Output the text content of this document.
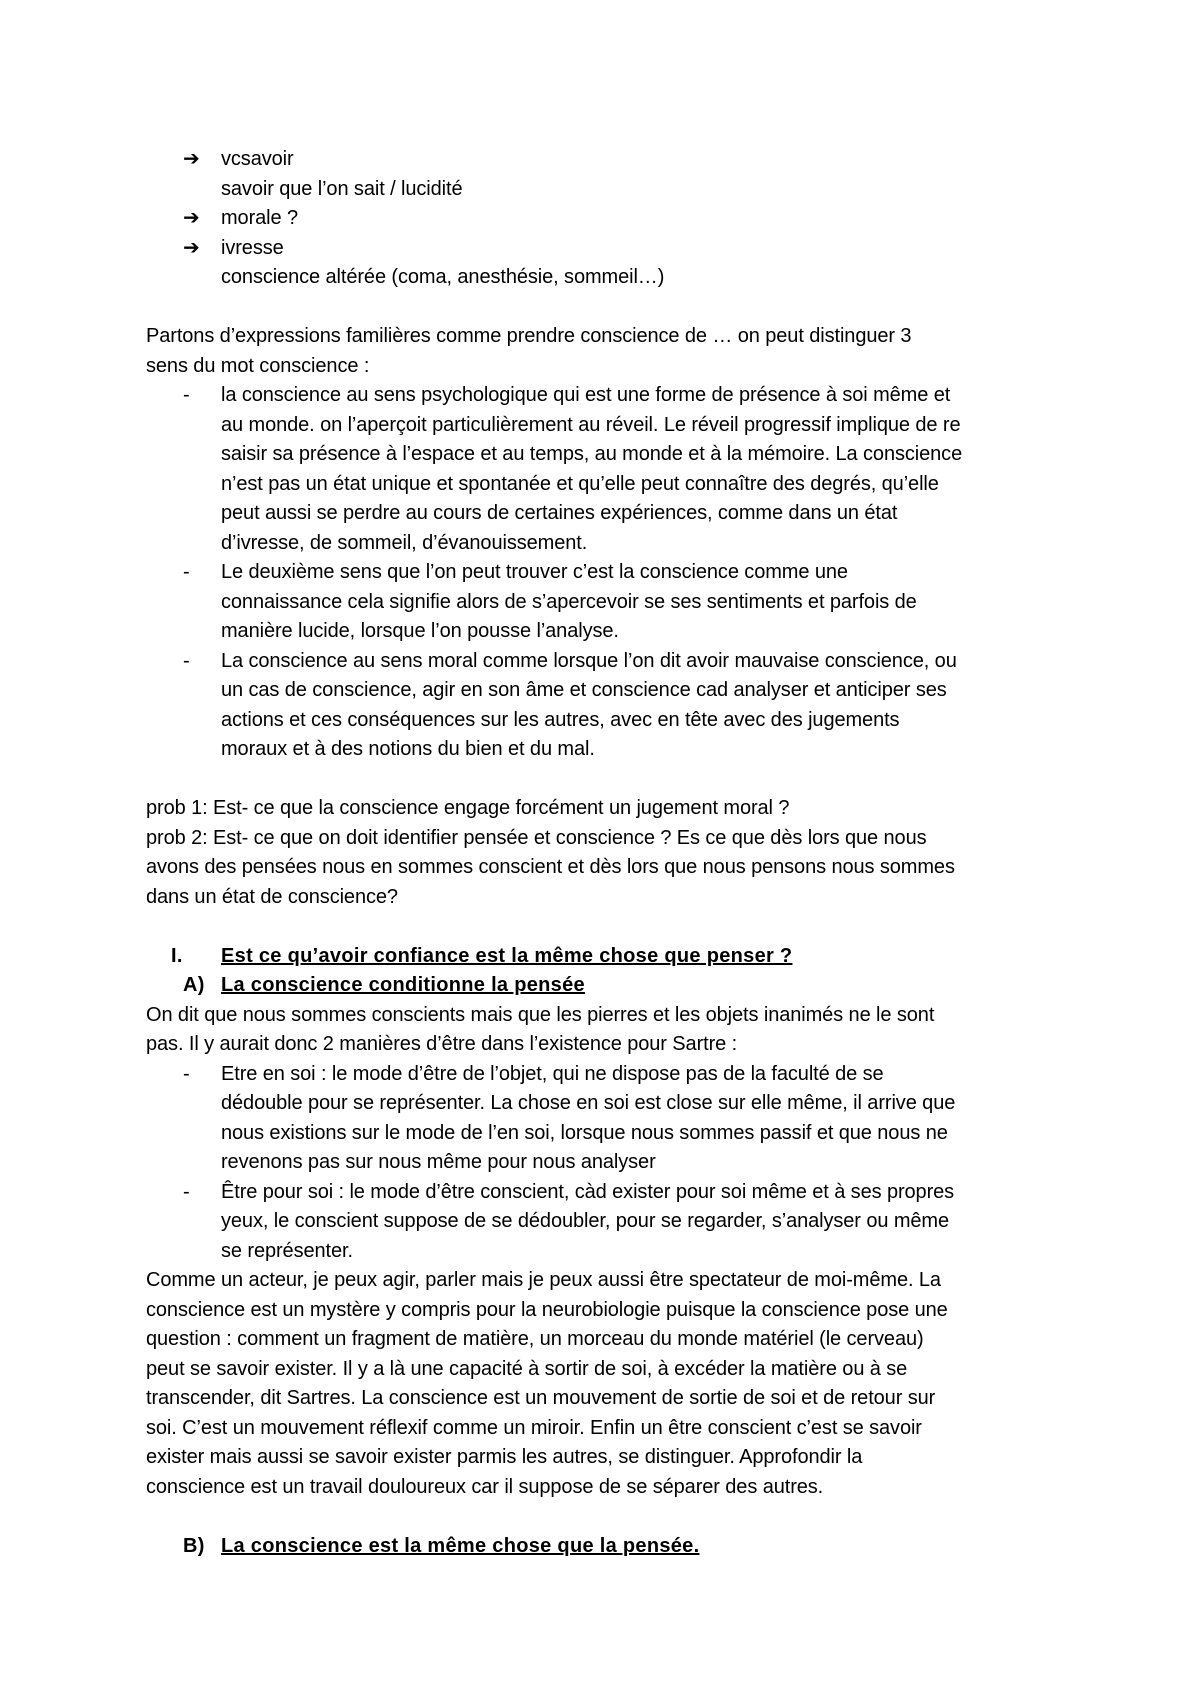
➔	vcsavoir
savoir que l’on sait / lucidité
➔	morale ?
➔	ivresse
conscience altérée (coma, anesthésie, sommeil…)
Partons d’expressions familières comme prendre conscience de … on peut distinguer 3
sens du mot conscience :
-	la conscience au sens psychologique qui est une forme de présence à soi même et
au monde. on l’aperçoit particulièrement au réveil. Le réveil progressif implique de re
saisir sa présence à l’espace et au temps, au monde et à la mémoire. La conscience
n’est pas un état unique et spontanée et qu’elle peut connaître des degrés, qu’elle
peut aussi se perdre au cours de certaines expériences, comme dans un état
d’ivresse, de sommeil, d’évanouissement.
-	Le deuxième sens que l’on peut trouver c’est la conscience comme une
connaissance cela signifie alors de s’apercevoir se ses sentiments et parfois de
manière lucide, lorsque l’on pousse l’analyse.
-	La conscience au sens moral comme lorsque l’on dit avoir mauvaise conscience, ou
un cas de conscience, agir en son âme et conscience cad analyser et anticiper ses
actions et ces conséquences sur les autres, avec en tête avec des jugements
moraux et à des notions du bien et du mal.
prob 1: Est- ce que la conscience engage forcément un jugement moral ?
prob 2: Est- ce que on doit identifier pensée et conscience ? Es ce que dès lors que nous
avons des pensées nous en sommes conscient et dès lors que nous pensons nous sommes
dans un état de conscience?
I.	Est ce qu’avoir confiance est la même chose que penser ?
A) La conscience conditionne la pensée
On dit que nous sommes conscients mais que les pierres et les objets inanimés ne le sont
pas. Il y aurait donc 2 manières d’être dans l’existence pour Sartre :
-	Etre en soi : le mode d’être de l’objet, qui ne dispose pas de la faculté de se
dédouble pour se représenter. La chose en soi est close sur elle même, il arrive que
nous existions sur le mode de l’en soi, lorsque nous sommes passif et que nous ne
revenons pas sur nous même pour nous analyser
-	Être pour soi : le mode d’être conscient, càd exister pour soi même et à ses propres
yeux, le conscient suppose de se dédoubler, pour se regarder, s’analyser ou même
se représenter.
Comme un acteur, je peux agir, parler mais je peux aussi être spectateur de moi-même. La
conscience est un mystère y compris pour la neurobiologie puisque la conscience pose une
question : comment un fragment de matière, un morceau du monde matériel (le cerveau)
peut se savoir exister. Il y a là une capacité à sortir de soi, à excéder la matière ou à se
transcender, dit Sartres. La conscience est un mouvement de sortie de soi et de retour sur
soi. C’est un mouvement réflexif comme un miroir. Enfin un être conscient c’est se savoir
exister mais aussi se savoir exister parmis les autres, se distinguer. Approfondir la
conscience est un travail douloureux car il suppose de se séparer des autres.
B) La conscience est la même chose que la pensée.
